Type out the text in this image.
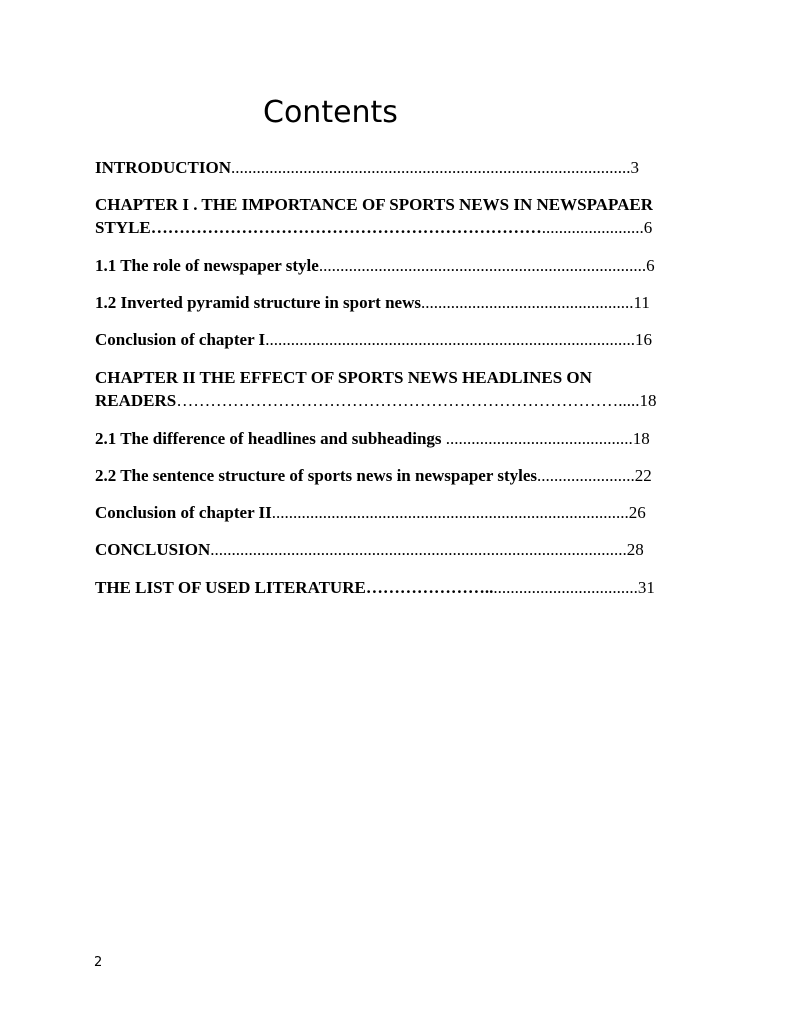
Contents
INTRODUCTION..............................................................................................3
CHAPTER I . THE IMPORTANCE OF SPORTS NEWS IN NEWSPAPAER
STYLE……………………………………………………………........................6
1.1 The role of newspaper style.............................................................................6
1.2 Inverted pyramid structure in sport news..................................................11
Conclusion of chapter I.......................................................................................16
CHAPTER II THE EFFECT OF SPORTS NEWS HEADLINES ON
READERS…………………………………………………………………….....18
2.1 The difference of headlines and subheadings ............................................18
2.2 The sentence structure of sports news in newspaper styles.......................22
Conclusion of chapter II....................................................................................26
CONCLUSION..................................................................................................28
THE LIST OF USED LITERATURE…………………....................................31
2
